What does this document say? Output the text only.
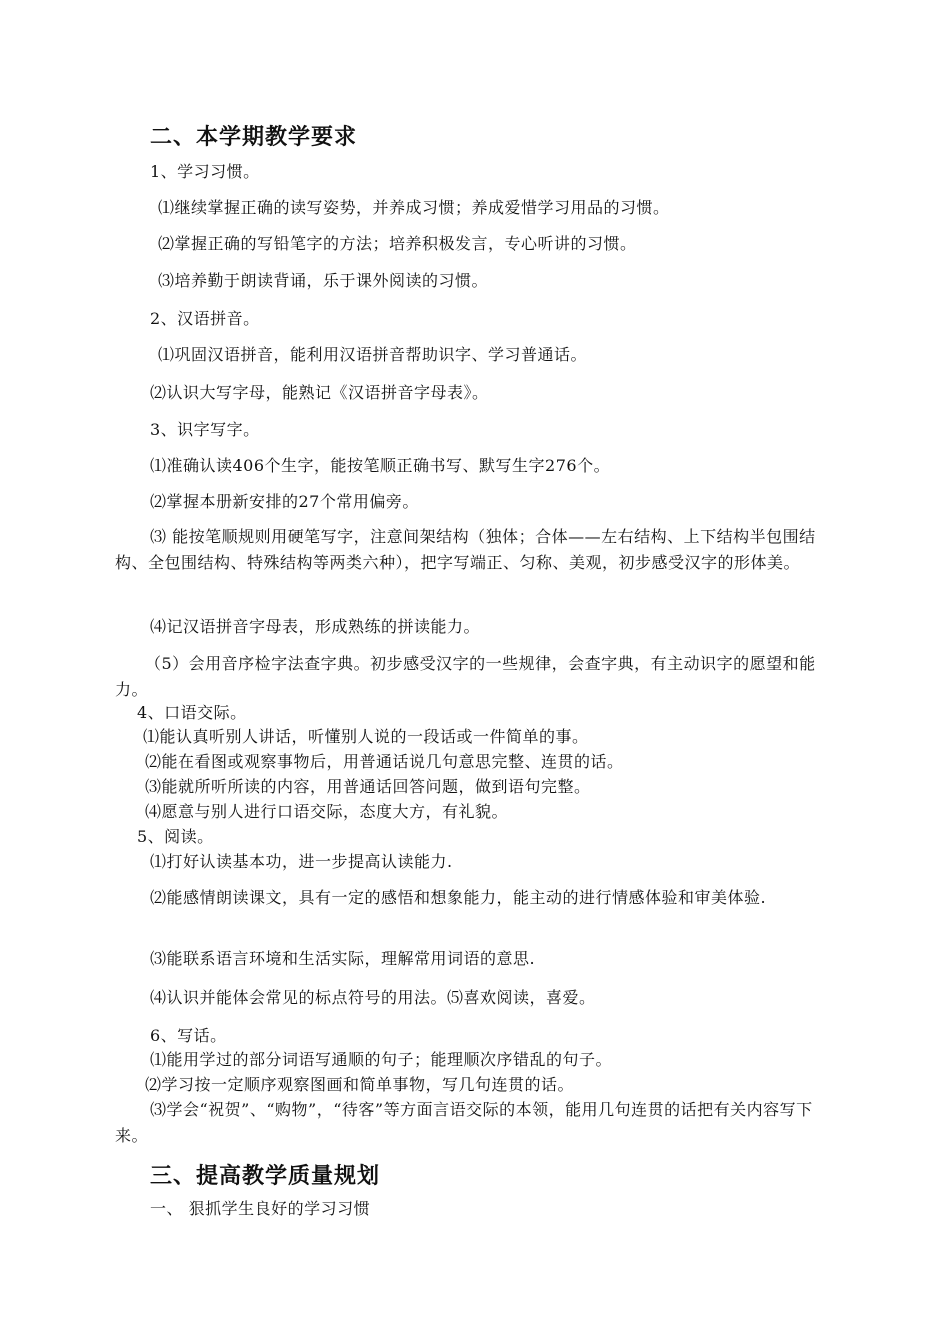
二、本学期教学要求
1、学习习惯。
⑴继续掌握正确的读写姿势，并养成习惯；养成爱惜学习用品的习惯。
⑵掌握正确的写铅笔字的方法；培养积极发言，专心听讲的习惯。
⑶培养勤于朗读背诵，乐于课外阅读的习惯。
2、汉语拼音。
⑴巩固汉语拼音，能利用汉语拼音帮助识字、学习普通话。
⑵认识大写字母，能熟记《汉语拼音字母表》。
3、识字写字。
⑴准确认读406个生字，能按笔顺正确书写、默写生字276个。
⑵掌握本册新安排的27个常用偏旁。
⑶ 能按笔顺规则用硬笔写字，注意间架结构（独体；合体——左右结构、上下结构半包围结构、全包围结构、特殊结构等两类六种），把字写端正、匀称、美观，初步感受汉字的形体美。
⑷记汉语拼音字母表，形成熟练的拼读能力。
（5）会用音序检字法查字典。初步感受汉字的一些规律，会查字典，有主动识字的愿望和能力。
4、口语交际。
⑴能认真听别人讲话，听懂别人说的一段话或一件简单的事。
⑵能在看图或观察事物后，用普通话说几句意思完整、连贯的话。
⑶能就所听所读的内容，用普通话回答问题，做到语句完整。
⑷愿意与别人进行口语交际，态度大方，有礼貌。
5、阅读。
⑴打好认读基本功，进一步提高认读能力.
⑵能感情朗读课文，具有一定的感悟和想象能力，能主动的进行情感体验和审美体验.
⑶能联系语言环境和生活实际，理解常用词语的意思.
⑷认识并能体会常见的标点符号的用法。⑸喜欢阅读，喜爱。
6、写话。
⑴能用学过的部分词语写通顺的句子；能理顺次序错乱的句子。
⑵学习按一定顺序观察图画和简单事物，写几句连贯的话。
⑶学会“祝贺”、“购物”，“待客”等方面言语交际的本领，能用几句连贯的话把有关内容写下来。
三、提高教学质量规划
一、 狠抓学生良好的学习习惯
